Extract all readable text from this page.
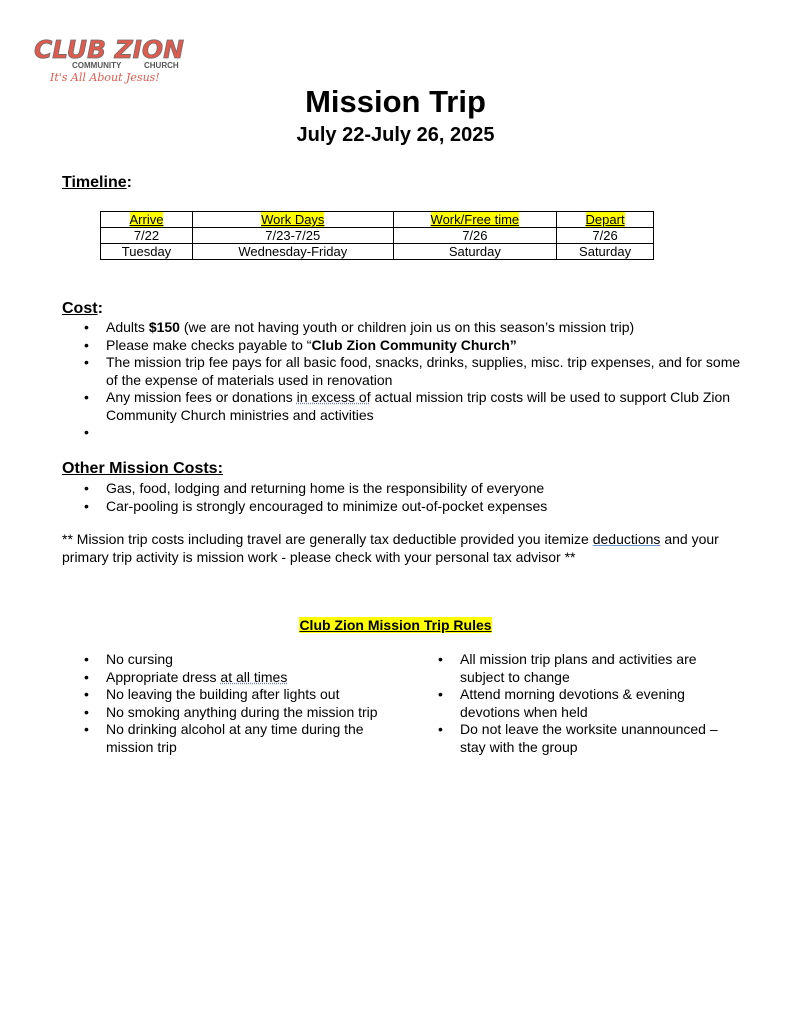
CLUB ZION
COMMUNITY	CHURCH
It's All About Jesus!
Mission Trip
July 22-July 26, 2025
Timeline:
Arrive	Work Days	Work/Free time	Depart
7/22	7/23-7/25	7/26	7/26
Tuesday	Wednesday-Friday	Saturday	Saturday
Cost:
• Adults $150 (we are not having youth or children join us on this season’s mission trip)
• Please make checks payable to “Club Zion Community Church”
• The mission trip fee pays for all basic food, snacks, drinks, supplies, misc. trip expenses, and for some of the expense of materials used in renovation
• Any mission fees or donations in excess of actual mission trip costs will be used to support Club Zion Community Church ministries and activities
•
Other Mission Costs:
• Gas, food, lodging and returning home is the responsibility of everyone
• Car-pooling is strongly encouraged to minimize out-of-pocket expenses
** Mission trip costs including travel are generally tax deductible provided you itemize deductions and your primary trip activity is mission work - please check with your personal tax advisor **
Club Zion Mission Trip Rules
• No cursing
• Appropriate dress at all times
• No leaving the building after lights out
• No smoking anything during the mission trip
• No drinking alcohol at any time during the mission trip
• All mission trip plans and activities are subject to change
• Attend morning devotions & evening devotions when held
• Do not leave the worksite unannounced – stay with the group
